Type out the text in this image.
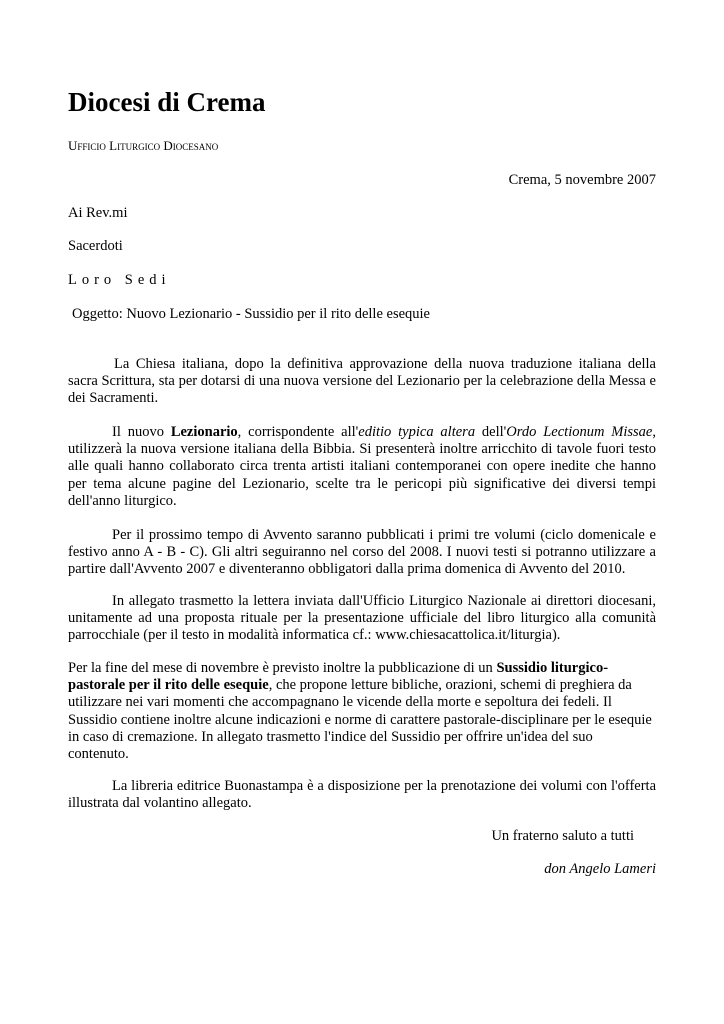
Diocesi di Crema
Ufficio Liturgico Diocesano
Crema, 5 novembre 2007
Ai Rev.mi
Sacerdoti
Loro Sedi
Oggetto: Nuovo Lezionario - Sussidio per il rito delle esequie

La Chiesa italiana, dopo la definitiva approvazione della nuova traduzione italiana della sacra Scrittura, sta per dotarsi di una nuova versione del Lezionario per la celebrazione della Messa e dei Sacramenti.

Il nuovo Lezionario, corrispondente all'editio typica altera dell'Ordo Lectionum Missae, utilizzerà la nuova versione italiana della Bibbia. Si presenterà inoltre arricchito di tavole fuori testo alle quali hanno collaborato circa trenta artisti italiani contemporanei con opere inedite che hanno per tema alcune pagine del Lezionario, scelte tra le pericopi più significative dei diversi tempi dell'anno liturgico.

Per il prossimo tempo di Avvento saranno pubblicati i primi tre volumi (ciclo domenicale e festivo anno A - B - C). Gli altri seguiranno nel corso del 2008. I nuovi testi si potranno utilizzare a partire dall'Avvento 2007 e diventeranno obbligatori dalla prima domenica di Avvento del 2010.

In allegato trasmetto la lettera inviata dall'Ufficio Liturgico Nazionale ai direttori diocesani, unitamente ad una proposta rituale per la presentazione ufficiale del libro liturgico alla comunità parrocchiale (per il testo in modalità informatica cf.: www.chiesacattolica.it/liturgia).

Per la fine del mese di novembre è previsto inoltre la pubblicazione di un Sussidio liturgico-pastorale per il rito delle esequie, che propone letture bibliche, orazioni, schemi di preghiera da utilizzare nei vari momenti che accompagnano le vicende della morte e sepoltura dei fedeli. Il Sussidio contiene inoltre alcune indicazioni e norme di carattere pastorale-disciplinare per le esequie in caso di cremazione. In allegato trasmetto l'indice del Sussidio per offrire un'idea del suo contenuto.

La libreria editrice Buonastampa è a disposizione per la prenotazione dei volumi con l'offerta illustrata dal volantino allegato.

Un fraterno saluto a tutti
don Angelo Lameri
